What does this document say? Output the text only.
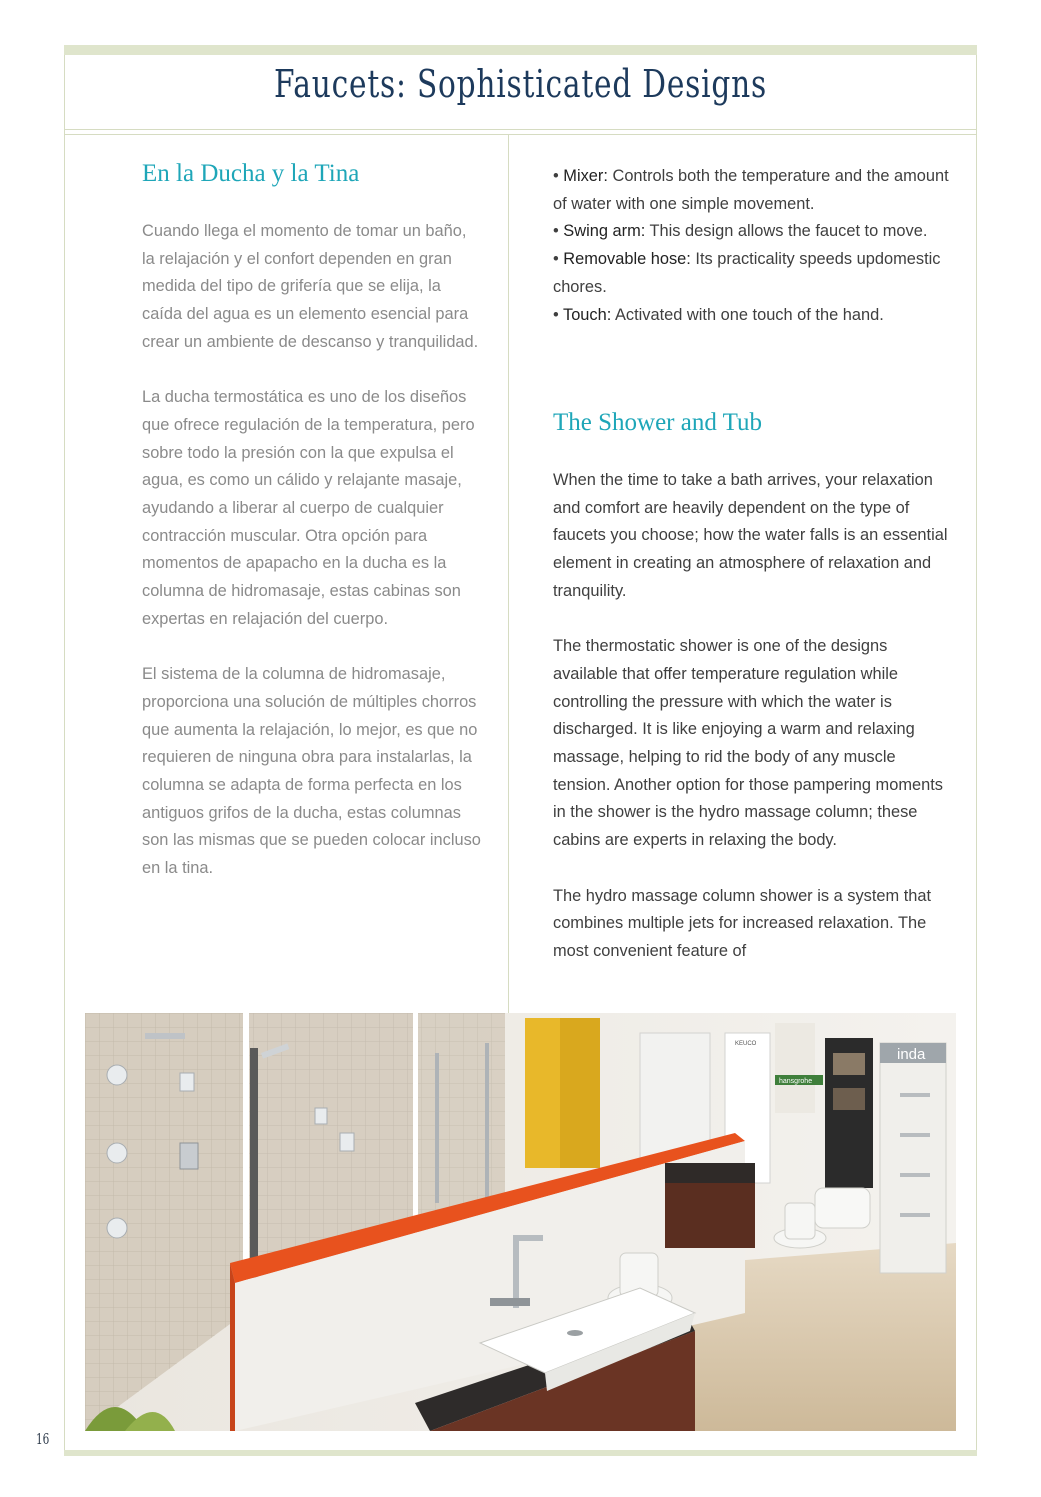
Faucets: Sophisticated Designs
En la Ducha y la Tina

Cuando llega el momento de tomar un baño, la relajación y el confort dependen en gran medida del tipo de grifería que se elija, la caída del agua es un elemento esencial para crear un ambiente de descanso y tranquilidad.

La ducha termostática es uno de los diseños que ofrece regulación de la temperatura, pero sobre todo la presión con la que expulsa el agua, es como un cálido y relajante masaje, ayudando a liberar al cuerpo de cualquier contracción muscular. Otra opción para momentos de apapacho en la ducha es la columna de hidromasaje, estas cabinas son expertas en relajación del cuerpo.

El sistema de la columna de hidromasaje, proporciona una solución de múltiples chorros que aumenta la relajación, lo mejor, es que no requieren de ninguna obra para instalarlas, la columna se adapta de forma perfecta en los antiguos grifos de la ducha, estas columnas son las mismas que se pueden colocar incluso en la tina.

• Mixer: Controls both the temperature and the amount of water with one simple movement.

• Swing arm: This design allows the faucet to move.

• Removable hose: Its practicality speeds updomestic chores.

• Touch: Activated with one touch of the hand.

The Shower and Tub

When the time to take a bath arrives, your relaxation and comfort are heavily dependent on the type of faucets you choose; how the water falls is an essential element in creating an atmosphere of relaxation and tranquility.

The thermostatic shower is one of the designs available that offer temperature regulation while controlling the pressure with which the water is discharged. It is like enjoying a warm and relaxing massage, helping to rid the body of any muscle tension. Another option for those pampering moments in the shower is the hydro massage column; these cabins are experts in relaxing the body.

The hydro massage column shower is a system that combines multiple jets for increased relaxation. The most convenient feature of

inda
hansgrohe
KEUCO
16
